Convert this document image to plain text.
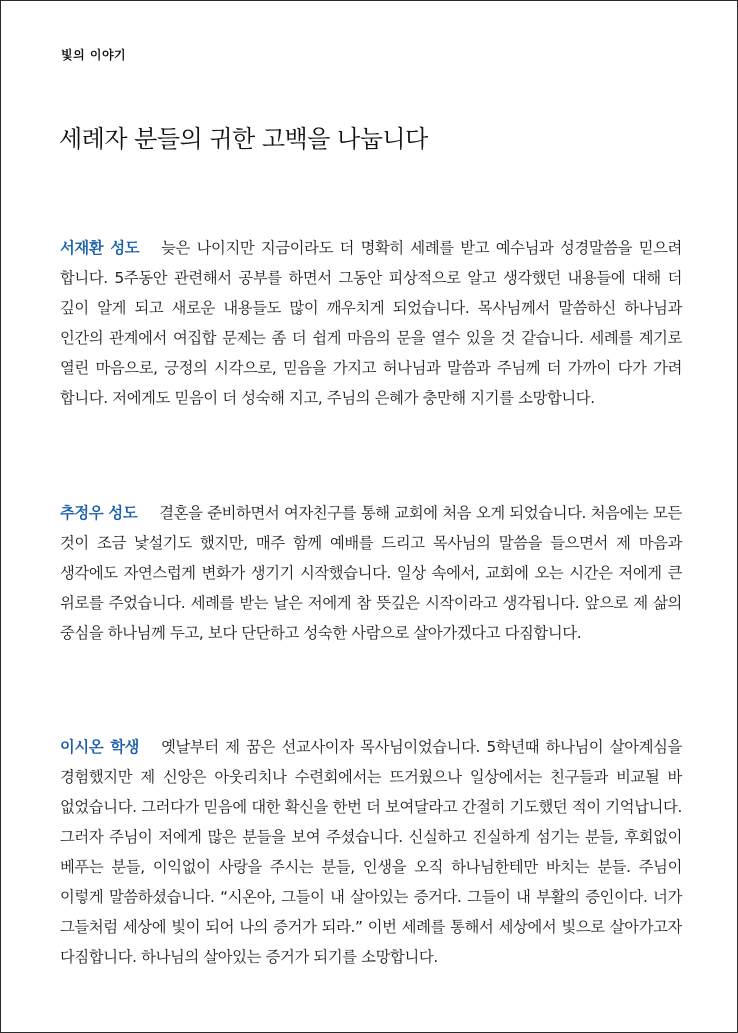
빛의 이야기
세례자 분들의 귀한 고백을 나눕니다

서재환 성도 늦은 나이지만 지금이라도 더 명확히 세례를 받고 예수님과 성경말씀을 믿으려 합니다. 5주동안 관련해서 공부를 하면서 그동안 피상적으로 알고 생각했던 내용들에 대해 더 깊이 알게 되고 새로운 내용들도 많이 깨우치게 되었습니다. 목사님께서 말씀하신 하나님과 인간의 관계에서 여집합 문제는 좀 더 쉽게 마음의 문을 열수 있을 것 같습니다. 세례를 계기로 열린 마음으로, 긍정의 시각으로, 믿음을 가지고 허나님과 말씀과 주님께 더 가까이 다가 가려 합니다. 저에게도 믿음이 더 성숙해 지고, 주님의 은혜가 충만해 지기를 소망합니다.

추정우 성도 결혼을 준비하면서 여자친구를 통해 교회에 처음 오게 되었습니다. 처음에는 모든 것이 조금 낯설기도 했지만, 매주 함께 예배를 드리고 목사님의 말씀을 들으면서 제 마음과 생각에도 자연스럽게 변화가 생기기 시작했습니다. 일상 속에서, 교회에 오는 시간은 저에게 큰 위로를 주었습니다. 세례를 받는 날은 저에게 참 뜻깊은 시작이라고 생각됩니다. 앞으로 제 삶의 중심을 하나님께 두고, 보다 단단하고 성숙한 사람으로 살아가겠다고 다짐합니다.

이시온 학생 옛날부터 제 꿈은 선교사이자 목사님이었습니다. 5학년때 하나님이 살아계심을 경험했지만 제 신앙은 아웃리치나 수련회에서는 뜨거웠으나 일상에서는 친구들과 비교될 바 없었습니다. 그러다가 믿음에 대한 확신을 한번 더 보여달라고 간절히 기도했던 적이 기억납니다. 그러자 주님이 저에게 많은 분들을 보여 주셨습니다. 신실하고 진실하게 섬기는 분들, 후회없이 베푸는 분들, 이익없이 사랑을 주시는 분들, 인생을 오직 하나님한테만 바치는 분들. 주님이 이렇게 말씀하셨습니다. “시온아, 그들이 내 살아있는 증거다. 그들이 내 부활의 증인이다. 너가 그들처럼 세상에 빛이 되어 나의 증거가 되라.” 이번 세례를 통해서 세상에서 빛으로 살아가고자 다짐합니다. 하나님의 살아있는 증거가 되기를 소망합니다.
